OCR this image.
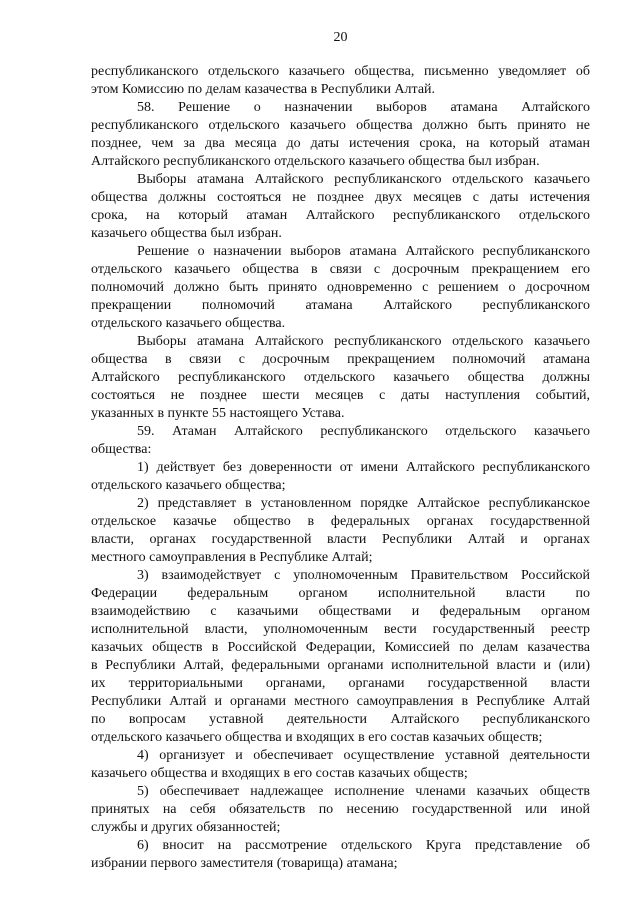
20
республиканского отдельского казачьего общества, письменно уведомляет об
этом Комиссию по делам казачества в Республики Алтай.
58. Решение о назначении выборов атамана Алтайского
республиканского отдельского казачьего общества должно быть принято не
позднее, чем за два месяца до даты истечения срока, на который атаман
Алтайского республиканского отдельского казачьего общества был избран.
Выборы атамана Алтайского республиканского отдельского казачьего
общества должны состояться не позднее двух месяцев с даты истечения
срока, на который атаман Алтайского республиканского отдельского
казачьего общества был избран.
Решение о назначении выборов атамана Алтайского республиканского
отдельского казачьего общества в связи с досрочным прекращением его
полномочий должно быть принято одновременно с решением о досрочном
прекращении полномочий атамана Алтайского республиканского
отдельского казачьего общества.
Выборы атамана Алтайского республиканского отдельского казачьего
общества в связи с досрочным прекращением полномочий атамана
Алтайского республиканского отдельского казачьего общества должны
состояться не позднее шести месяцев с даты наступления событий,
указанных в пункте 55 настоящего Устава.
59. Атаман Алтайского республиканского отдельского казачьего
общества:
1) действует без доверенности от имени Алтайского республиканского
отдельского казачьего общества;
2) представляет в установленном порядке Алтайское республиканское
отдельское казачье общество в федеральных органах государственной
власти, органах государственной власти Республики Алтай и органах
местного самоуправления в Республике Алтай;
3) взаимодействует с уполномоченным Правительством Российской
Федерации федеральным органом исполнительной власти по
взаимодействию с казачьими обществами и федеральным органом
исполнительной власти, уполномоченным вести государственный реестр
казачьих обществ в Российской Федерации, Комиссией по делам казачества
в Республики Алтай, федеральными органами исполнительной власти и (или)
их территориальными органами, органами государственной власти
Республики Алтай и органами местного самоуправления в Республике Алтай
по вопросам уставной деятельности Алтайского республиканского
отдельского казачьего общества и входящих в его состав казачьих обществ;
4) организует и обеспечивает осуществление уставной деятельности
казачьего общества и входящих в его состав казачьих обществ;
5) обеспечивает надлежащее исполнение членами казачьих обществ
принятых на себя обязательств по несению государственной или иной
службы и других обязанностей;
6) вносит на рассмотрение отдельского Круга представление об
избрании первого заместителя (товарища) атамана;
